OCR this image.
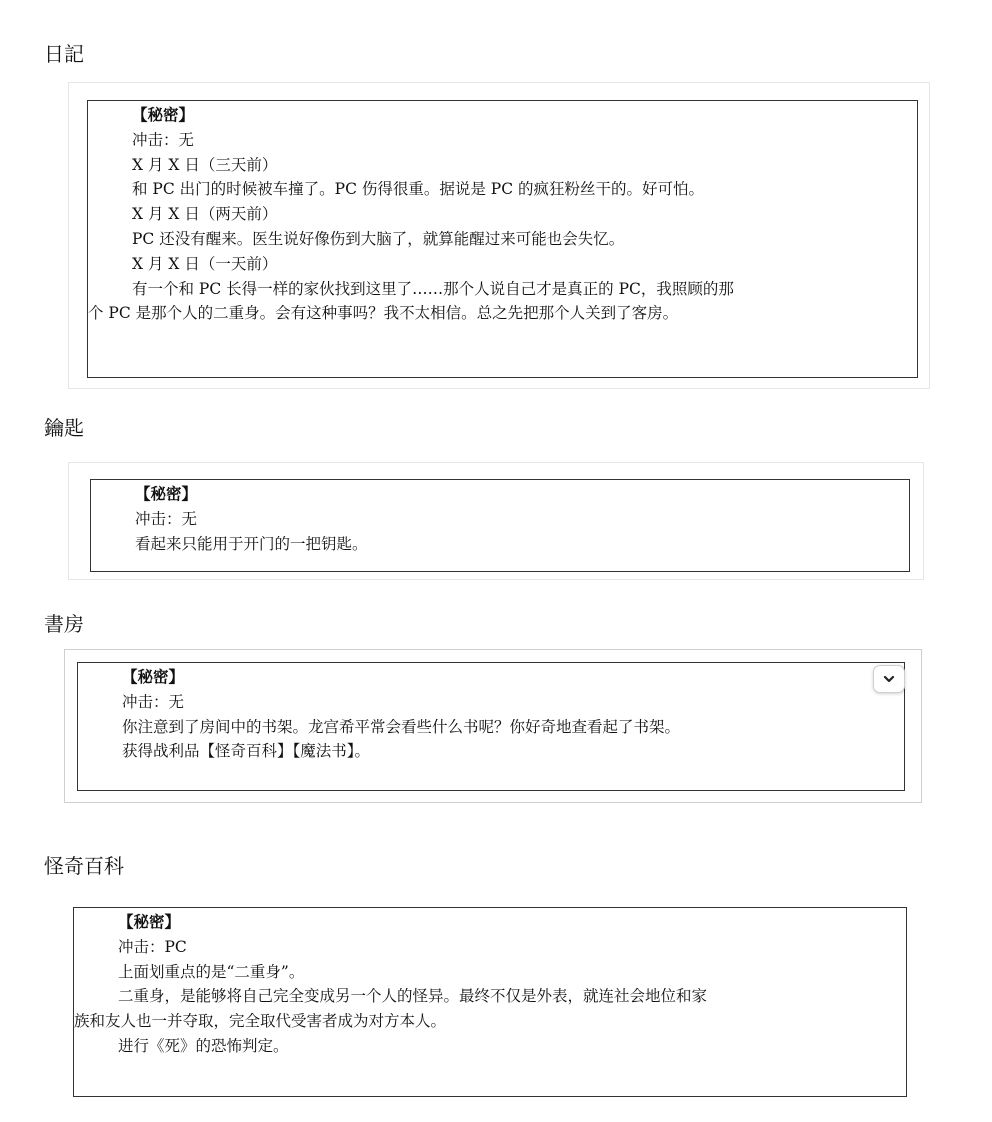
日記
【秘密】
冲击：无
X 月 X 日（三天前）
和 PC 出门的时候被车撞了。PC 伤得很重。据说是 PC 的疯狂粉丝干的。好可怕。
X 月 X 日（两天前）
PC 还没有醒来。医生说好像伤到大脑了，就算能醒过来可能也会失忆。
X 月 X 日（一天前）
有一个和 PC 长得一样的家伙找到这里了……那个人说自己才是真正的 PC，我照顾的那
个 PC 是那个人的二重身。会有这种事吗？我不太相信。总之先把那个人关到了客房。
鑰匙
【秘密】
冲击：无
看起来只能用于开门的一把钥匙。
書房
【秘密】
冲击：无
你注意到了房间中的书架。龙宫希平常会看些什么书呢？你好奇地查看起了书架。
获得战利品【怪奇百科】【魔法书】。
怪奇百科
【秘密】
冲击：PC
上面划重点的是“二重身”。
二重身，是能够将自己完全变成另一个人的怪异。最终不仅是外表，就连社会地位和家
族和友人也一并夺取，完全取代受害者成为对方本人。
进行《死》的恐怖判定。
